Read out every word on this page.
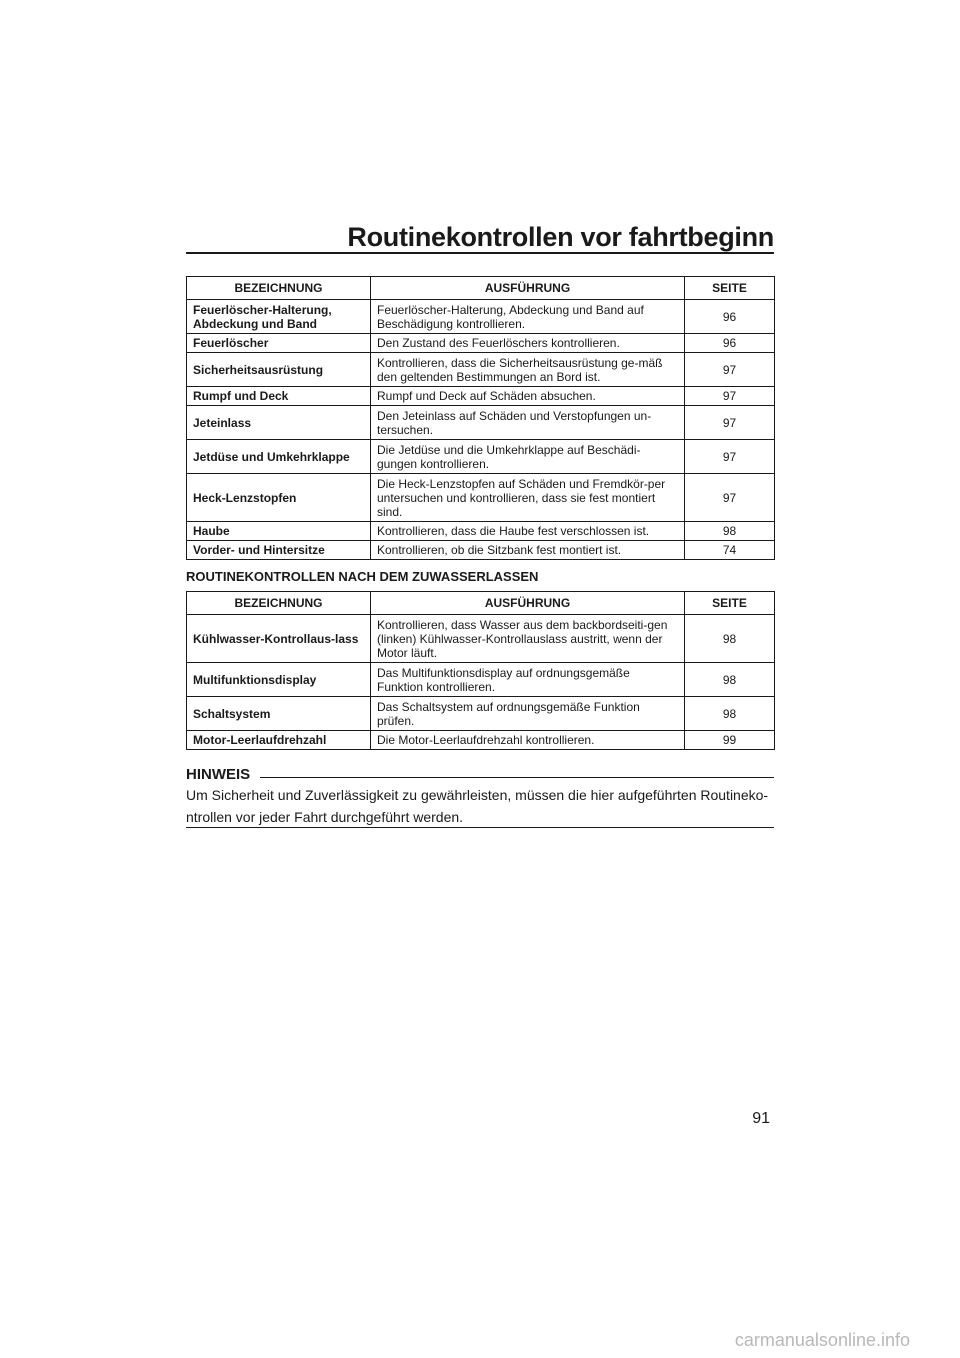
Routinekontrollen vor fahrtbeginn
BEZEICHNUNG	AUSFÜHRUNG	SEITE
Feuerlöscher-Halterung, Abdeckung und Band	Feuerlöscher-Halterung, Abdeckung und Band auf Beschädigung kontrollieren.	96
Feuerlöscher	Den Zustand des Feuerlöschers kontrollieren.	96
Sicherheitsausrüstung	Kontrollieren, dass die Sicherheitsausrüstung ge-mäß den geltenden Bestimmungen an Bord ist.	97
Rumpf und Deck	Rumpf und Deck auf Schäden absuchen.	97
Jeteinlass	Den Jeteinlass auf Schäden und Verstopfungen un-tersuchen.	97
Jetdüse und Umkehrklappe	Die Jetdüse und die Umkehrklappe auf Beschädi-gungen kontrollieren.	97
Heck-Lenzstopfen	Die Heck-Lenzstopfen auf Schäden und Fremdkör-per untersuchen und kontrollieren, dass sie fest montiert sind.	97
Haube	Kontrollieren, dass die Haube fest verschlossen ist.	98
Vorder- und Hintersitze	Kontrollieren, ob die Sitzbank fest montiert ist.	74
ROUTINEKONTROLLEN NACH DEM ZUWASSERLASSEN
BEZEICHNUNG	AUSFÜHRUNG	SEITE
Kühlwasser-Kontrollaus-lass	Kontrollieren, dass Wasser aus dem backbordseiti-gen (linken) Kühlwasser-Kontrollauslass austritt, wenn der Motor läuft.	98
Multifunktionsdisplay	Das Multifunktionsdisplay auf ordnungsgemäße Funktion kontrollieren.	98
Schaltsystem	Das Schaltsystem auf ordnungsgemäße Funktion prüfen.	98
Motor-Leerlaufdrehzahl	Die Motor-Leerlaufdrehzahl kontrollieren.	99
HINWEIS
Um Sicherheit und Zuverlässigkeit zu gewährleisten, müssen die hier aufgeführten Routineko-ntrollen vor jeder Fahrt durchgeführt werden.
91
carmanualsonline.info
